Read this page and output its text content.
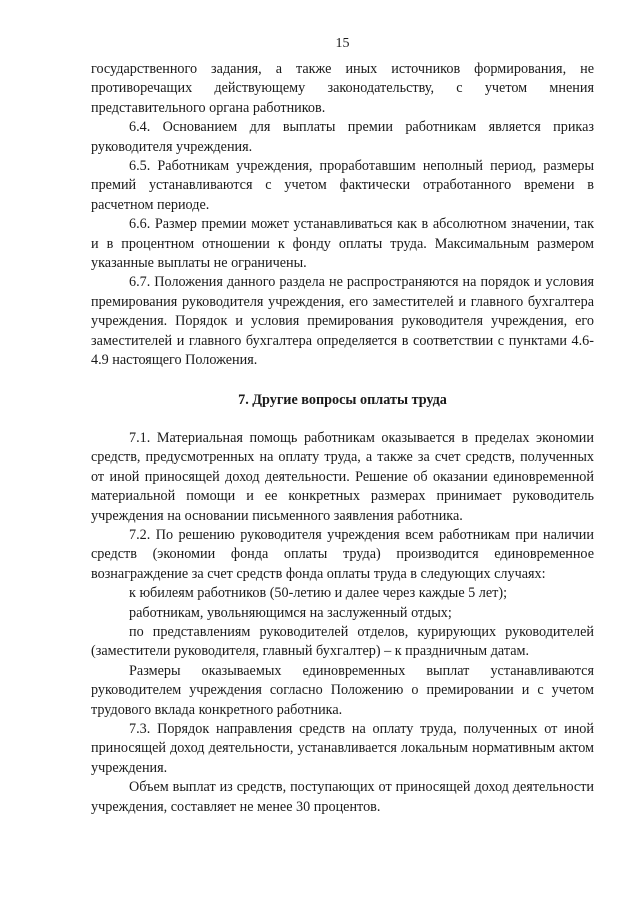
15

государственного задания, а также иных источников формирования, не противоречащих действующему законодательству, с учетом мнения представительного органа работников.

6.4. Основанием для выплаты премии работникам является приказ руководителя учреждения.

6.5. Работникам учреждения, проработавшим неполный период, размеры премий устанавливаются с учетом фактически отработанного времени в расчетном периоде.

6.6. Размер премии может устанавливаться как в абсолютном значении, так и в процентном отношении к фонду оплаты труда. Максимальным размером указанные выплаты не ограничены.

6.7. Положения данного раздела не распространяются на порядок и условия премирования руководителя учреждения, его заместителей и главного бухгалтера учреждения. Порядок и условия премирования руководителя учреждения, его заместителей и главного бухгалтера определяется в соответствии с пунктами 4.6-4.9 настоящего Положения.

7. Другие вопросы оплаты труда

7.1. Материальная помощь работникам оказывается в пределах экономии средств, предусмотренных на оплату труда, а также за счет средств, полученных от иной приносящей доход деятельности. Решение об оказании единовременной материальной помощи и ее конкретных размерах принимает руководитель учреждения на основании письменного заявления работника.

7.2. По решению руководителя учреждения всем работникам при наличии средств (экономии фонда оплаты труда) производится единовременное вознаграждение за счет средств фонда оплаты труда в следующих случаях:

к юбилеям работников (50-летию и далее через каждые 5 лет);

работникам, увольняющимся на заслуженный отдых;

по представлениям руководителей отделов, курирующих руководителей (заместители руководителя, главный бухгалтер) – к праздничным датам.

Размеры оказываемых единовременных выплат устанавливаются руководителем учреждения согласно Положению о премировании и с учетом трудового вклада конкретного работника.

7.3. Порядок направления средств на оплату труда, полученных от иной приносящей доход деятельности, устанавливается локальным нормативным актом учреждения.

Объем выплат из средств, поступающих от приносящей доход деятельности учреждения, составляет не менее 30 процентов.
